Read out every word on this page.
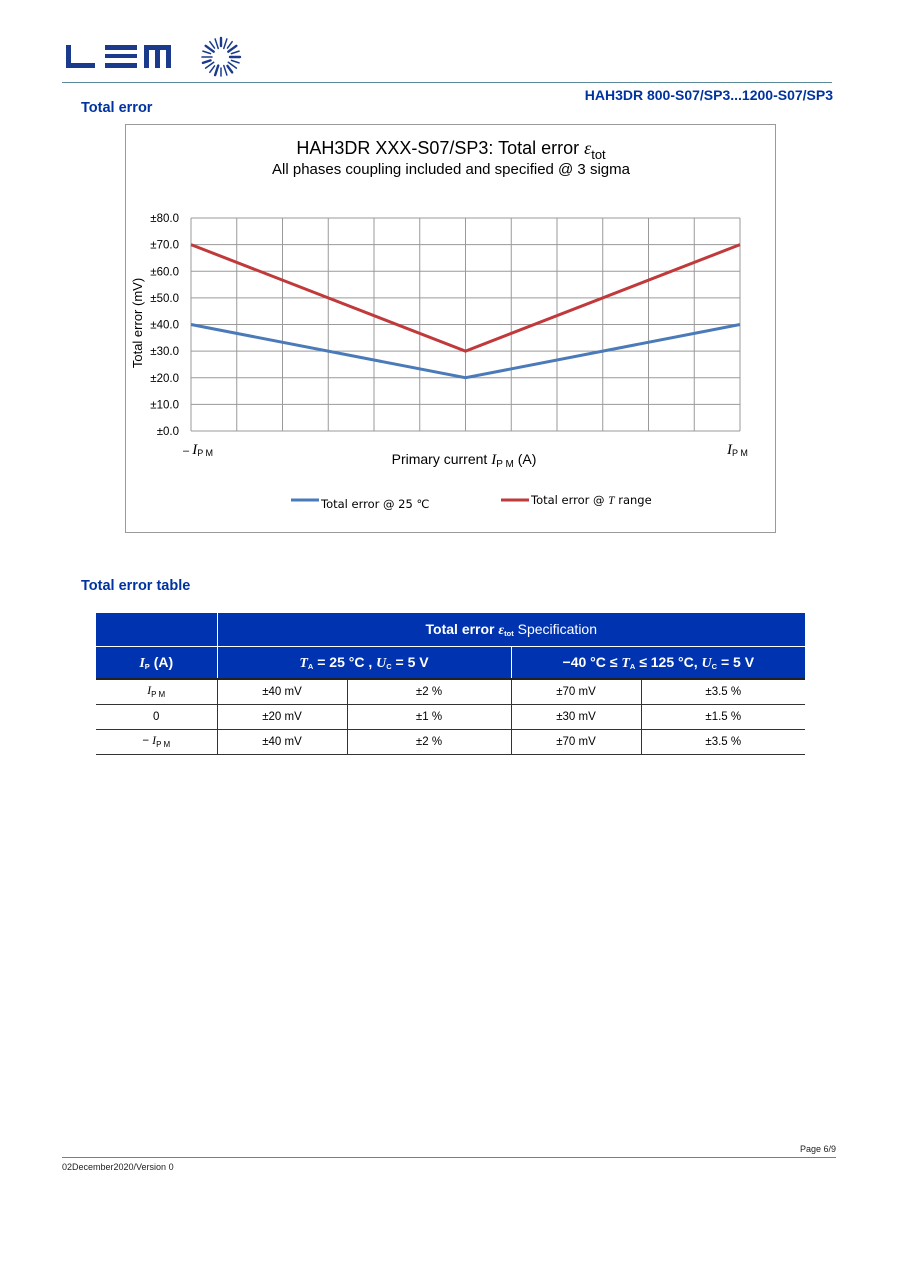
HAH3DR 800-S07/SP3...1200-S07/SP3
Total error
HAH3DR XXX-S07/SP3: Total error $\varepsilon_{tot}$
All phases coupling included and specified @ 3 sigma
±0.0
±10.0
±20.0
±30.0
±40.0
±50.0
±60.0
±70.0
±80.0
Total error (mV)
– IP M	IP M
Primary current $I_{P M}$ (A)
Total error @ 25 ℃	Total error @ T range
Total error table
	Total error $\varepsilon_{tot}$ Specification			
$I_P$ (A)	$T_A = 25$ °C , $U_C = 5$ V		−40 $^\circ C \le T_A \le 125$ °C, $U_C = 5$ V	
$I_{P M}$	±40 mV	±2 %	±70 mV	±3.5 %
0	±20 mV	±1 %	±30 mV	±1.5 %
− $I_{P M}$	±40 mV	±2 %	±70 mV	±3.5 %
Page 6/9
02December2020/Version 0
